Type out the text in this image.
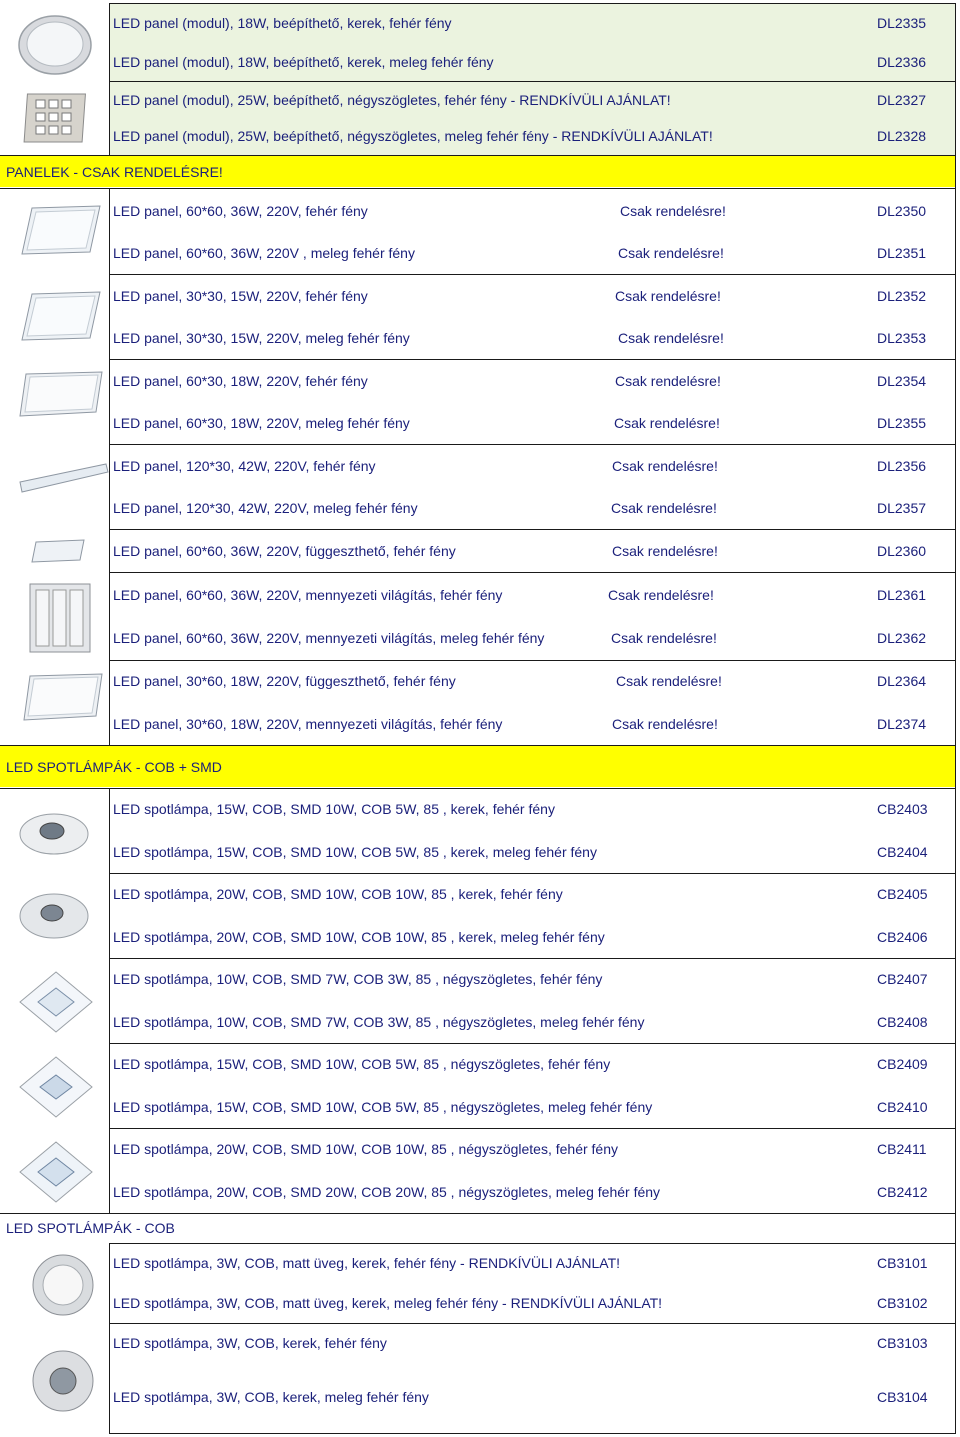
PANELEK - CSAK RENDELÉSRE!
LED SPOTLÁMPÁK - COB + SMD
LED SPOTLÁMPÁK - COB
LED panel (modul), 18W, beépíthető, kerek, fehér fény	DL2335
LED panel (modul), 18W, beépíthető, kerek, meleg fehér fény	DL2336
LED panel (modul), 25W, beépíthető, négyszögletes, fehér fény - RENDKÍVÜLI AJÁNLAT!	DL2327
LED panel (modul), 25W, beépíthető, négyszögletes, meleg fehér fény - RENDKÍVÜLI AJÁNLAT!	DL2328
LED panel, 60*60, 36W, 220V, fehér fény	Csak rendelésre!	DL2350
LED panel, 60*60, 36W, 220V , meleg fehér fény	Csak rendelésre!	DL2351
LED panel, 30*30, 15W, 220V, fehér fény	Csak rendelésre!	DL2352
LED panel, 30*30, 15W, 220V, meleg fehér fény	Csak rendelésre!	DL2353
LED panel, 60*30, 18W, 220V, fehér fény	Csak rendelésre!	DL2354
LED panel, 60*30, 18W, 220V, meleg fehér fény	Csak rendelésre!	DL2355
LED panel, 120*30, 42W, 220V, fehér fény	Csak rendelésre!	DL2356
LED panel, 120*30, 42W, 220V, meleg fehér fény	Csak rendelésre!	DL2357
LED panel, 60*60, 36W, 220V, függeszthető, fehér fény	Csak rendelésre!	DL2360
LED panel, 60*60, 36W, 220V, mennyezeti világítás, fehér fény	Csak rendelésre!	DL2361
LED panel, 60*60, 36W, 220V, mennyezeti világítás, meleg fehér fény	Csak rendelésre!	DL2362
LED panel, 30*60, 18W, 220V, függeszthető, fehér fény	Csak rendelésre!	DL2364
LED panel, 30*60, 18W, 220V, mennyezeti világítás, fehér fény	Csak rendelésre!	DL2374
LED spotlámpa, 15W, COB, SMD 10W, COB 5W, 85 , kerek, fehér fény	CB2403
LED spotlámpa, 15W, COB, SMD 10W, COB 5W, 85 , kerek, meleg fehér fény	CB2404
LED spotlámpa, 20W, COB, SMD 10W, COB 10W, 85 , kerek, fehér fény	CB2405
LED spotlámpa, 20W, COB, SMD 10W, COB 10W, 85 , kerek, meleg fehér fény	CB2406
LED spotlámpa, 10W, COB, SMD 7W, COB 3W, 85 , négyszögletes, fehér fény	CB2407
LED spotlámpa, 10W, COB, SMD 7W, COB 3W, 85 , négyszögletes, meleg fehér fény	CB2408
LED spotlámpa, 15W, COB, SMD 10W, COB 5W, 85 , négyszögletes, fehér fény	CB2409
LED spotlámpa, 15W, COB, SMD 10W, COB 5W, 85 , négyszögletes, meleg fehér fény	CB2410
LED spotlámpa, 20W, COB, SMD 10W, COB 10W, 85 , négyszögletes, fehér fény	CB2411
LED spotlámpa, 20W, COB, SMD 20W, COB 20W, 85 , négyszögletes, meleg fehér fény	CB2412
LED spotlámpa, 3W, COB, matt üveg, kerek, fehér fény - RENDKÍVÜLI AJÁNLAT!	CB3101
LED spotlámpa, 3W, COB, matt üveg, kerek, meleg fehér fény - RENDKÍVÜLI AJÁNLAT!	CB3102
LED spotlámpa, 3W, COB, kerek, fehér fény	CB3103
LED spotlámpa, 3W, COB, kerek, meleg fehér fény	CB3104
